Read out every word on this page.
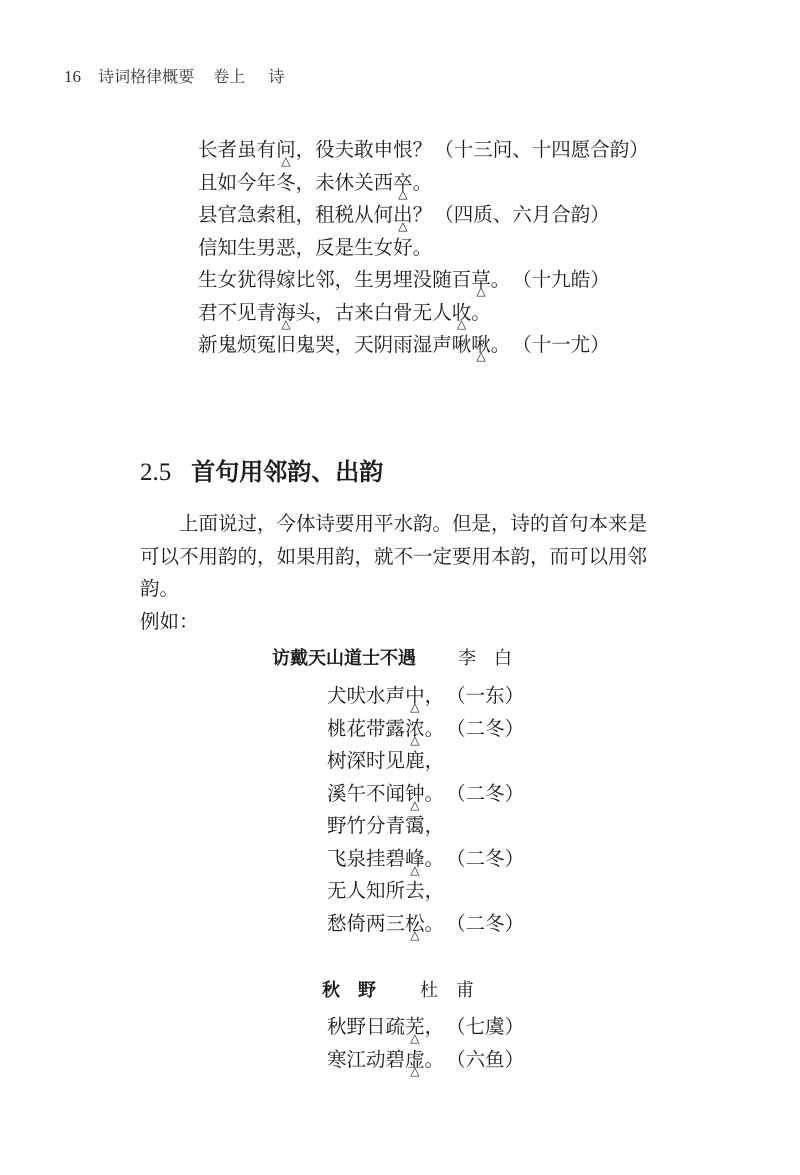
16 诗词格律概要 卷上 诗
长者虽有问 △，役夫敢申恨？ （十三问、十四愿合韵）
且如今年冬，未休关西卒 △。
县官急索租，租税从何出 △？ （四质、六月合韵）
信知生男恶，反是生女好。
生女犹得嫁比邻，生男埋没随百草 △。 （十九皓）
君不见青海 △头，古来白骨无人收 △。
新鬼烦冤旧鬼哭，天阴雨湿声啾啾 △。 （十一尤）
2.5 首句用邻韵、出韵

　　上面说过，今体诗要用平水韵。但是，诗的首句本来是

可以不用韵的，如果用韵，就不一定要用本韵，而可以用邻韵。

例如：

访戴天山道士不遇 李　白
犬吠水声中 △， （一东）
桃花带露浓 △。 （二冬）
树深时见鹿，
溪午不闻钟 △。 （二冬）
野竹分青霭，
飞泉挂碧峰 △。 （二冬）
无人知所去，
愁倚两三松 △。 （二冬）
秋　野 杜　甫
秋野日疏芜 △， （七虞）
寒江动碧虚 △。 （六鱼）
